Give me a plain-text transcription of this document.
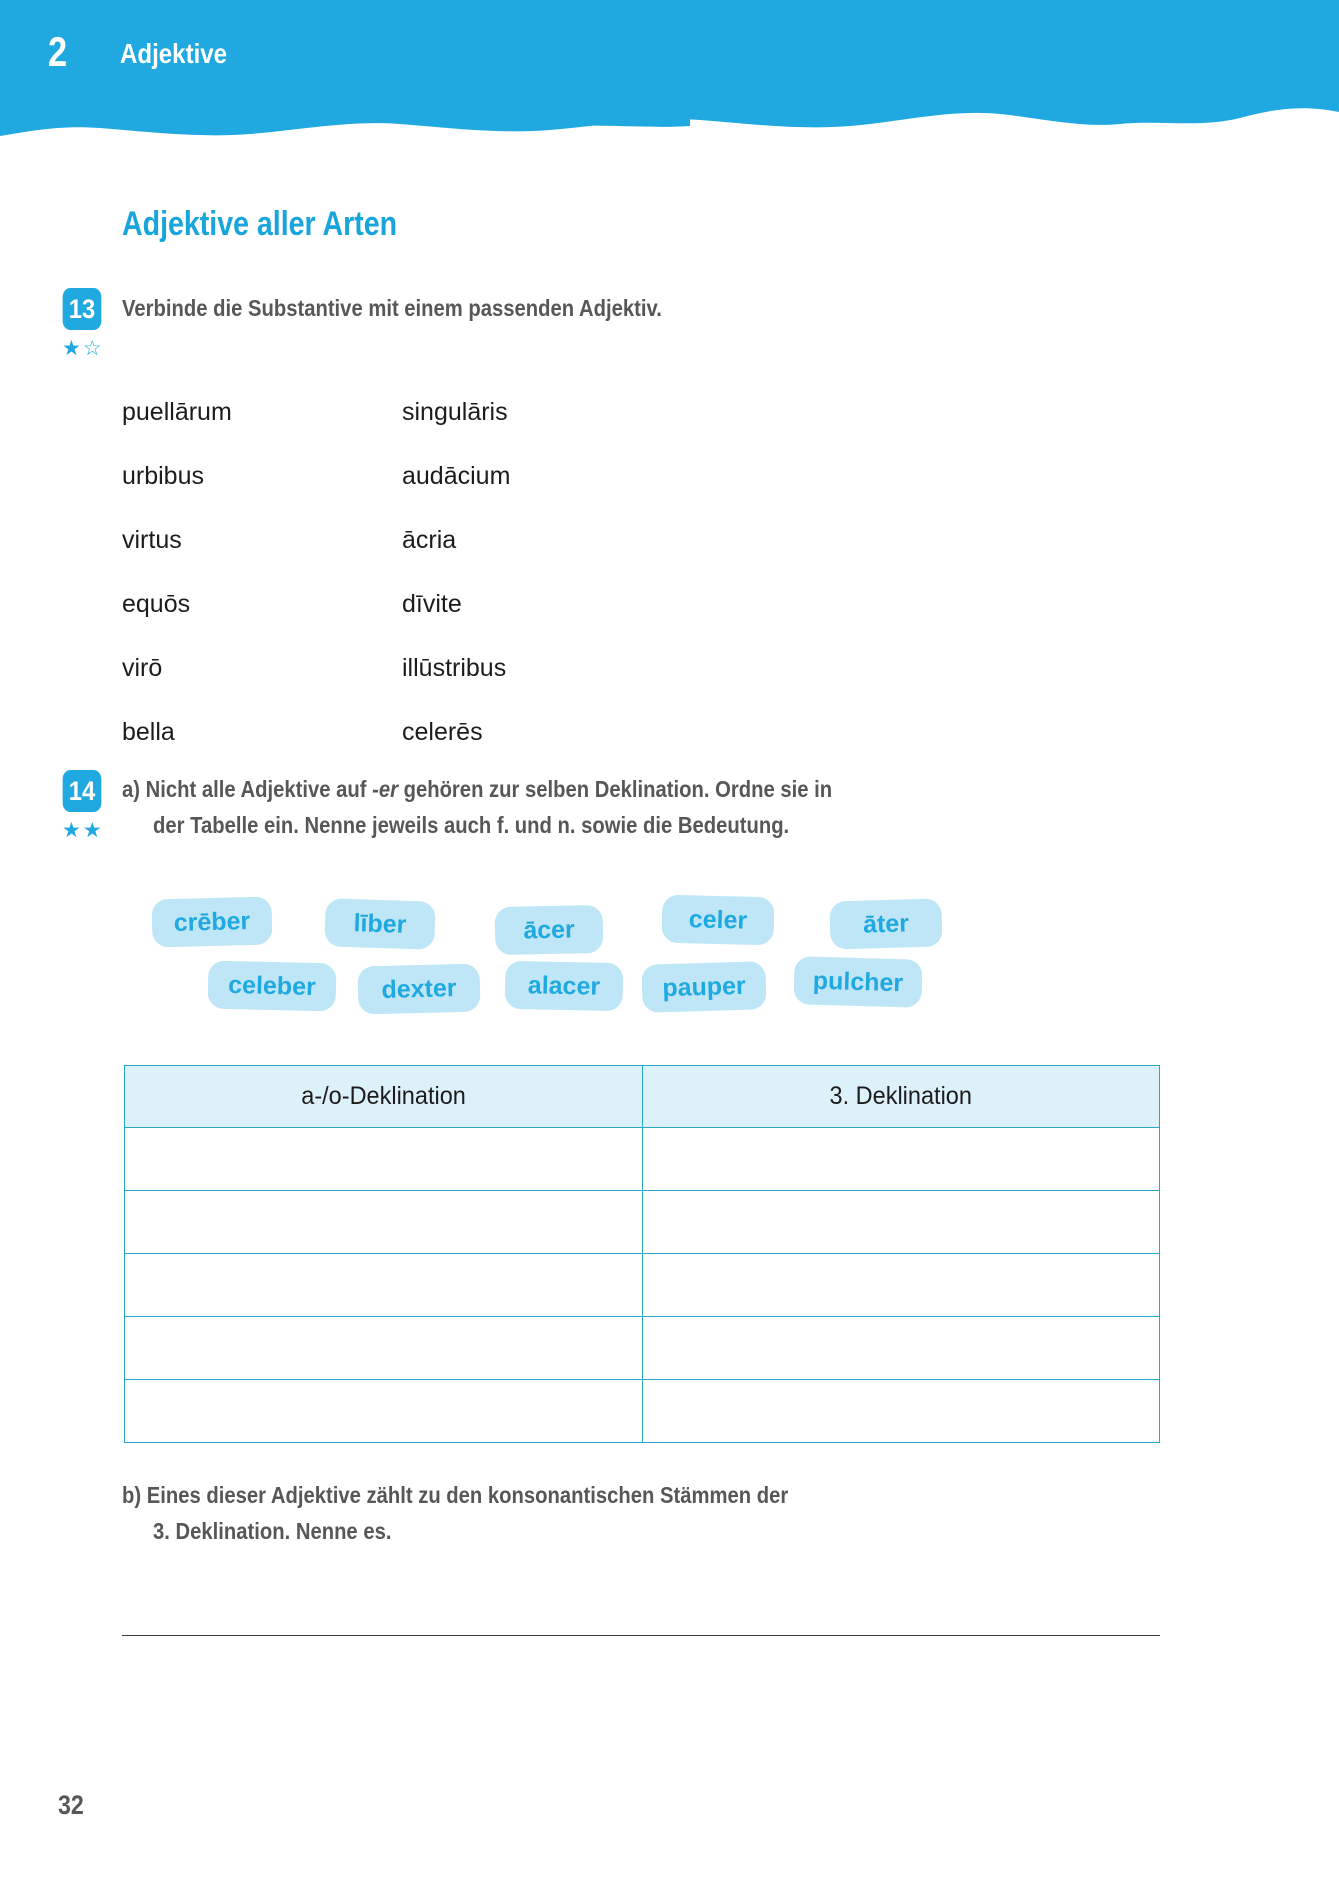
2 Adjektive
Adjektive aller Arten
13
★☆
Verbinde die Substantive mit einem passenden Adjektiv.
puellārum	singulāris
urbibus	audācium
virtus	ācria
equōs	dīvite
virō	illūstribus
bella	celerēs
14
★★
a) Nicht alle Adjektive auf -er gehören zur selben Deklination. Ordne sie in
der Tabelle ein. Nenne jeweils auch f. und n. sowie die Bedeutung.
crēber	līber	ācer	celer	āter
celeber	dexter	alacer	pauper	pulcher
a-/o-Deklination	3. Deklination

b) Eines dieser Adjektive zählt zu den konsonantischen Stämmen der
3. Deklination. Nenne es.
32
